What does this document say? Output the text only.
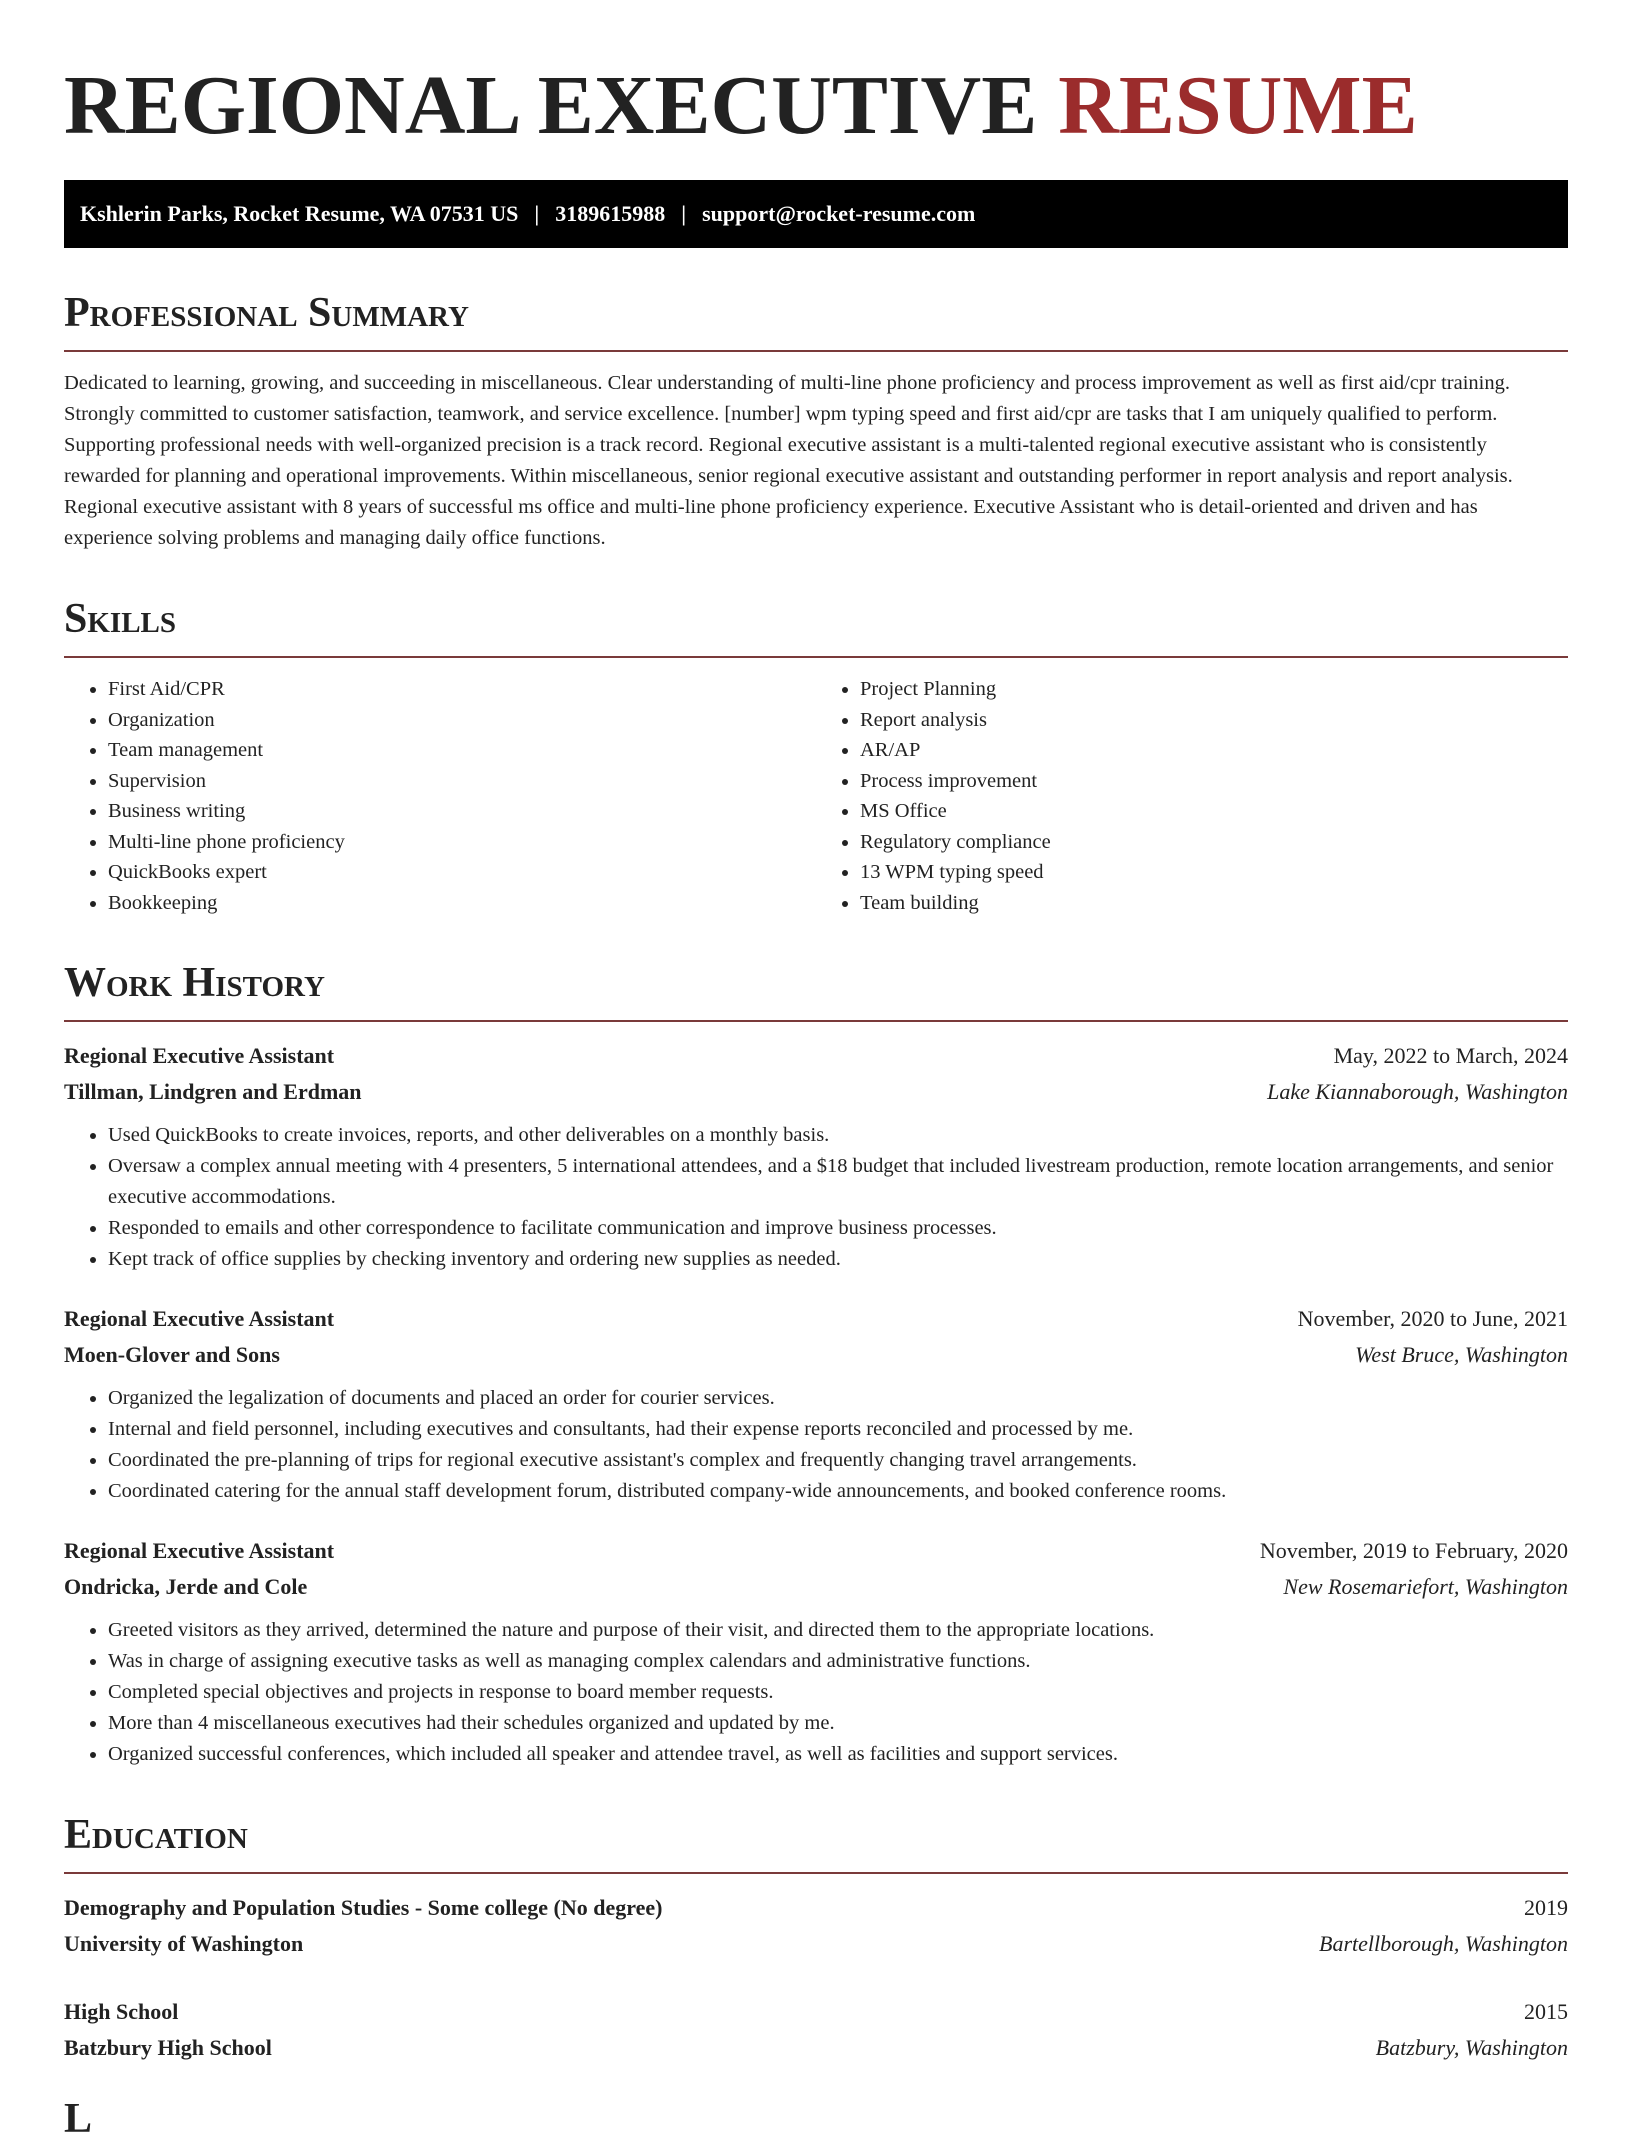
REGIONAL EXECUTIVE RESUME
Kshlerin Parks, Rocket Resume, WA 07531 US | 3189615988 | support@rocket-resume.com
Professional Summary

Dedicated to learning, growing, and succeeding in miscellaneous. Clear understanding of multi-line phone proficiency and process improvement as well as first aid/cpr training. Strongly committed to customer satisfaction, teamwork, and service excellence. [number] wpm typing speed and first aid/cpr are tasks that I am uniquely qualified to perform. Supporting professional needs with well-organized precision is a track record. Regional executive assistant is a multi-talented regional executive assistant who is consistently rewarded for planning and operational improvements. Within miscellaneous, senior regional executive assistant and outstanding performer in report analysis and report analysis. Regional executive assistant with 8 years of successful ms office and multi-line phone proficiency experience. Executive Assistant who is detail-oriented and driven and has experience solving problems and managing daily office functions.

Skills
• First Aid/CPR
• Organization
• Team management
• Supervision
• Business writing
• Multi-line phone proficiency
• QuickBooks expert
• Bookkeeping
• Project Planning
• Report analysis
• AR/AP
• Process improvement
• MS Office
• Regulatory compliance
• 13 WPM typing speed
• Team building
Work History
Regional Executive Assistant	May, 2022 to March, 2024
Tillman, Lindgren and Erdman	Lake Kiannaborough, Washington
• Used QuickBooks to create invoices, reports, and other deliverables on a monthly basis.
• Oversaw a complex annual meeting with 4 presenters, 5 international attendees, and a $18 budget that included livestream production, remote location arrangements, and senior executive accommodations.
• Responded to emails and other correspondence to facilitate communication and improve business processes.
• Kept track of office supplies by checking inventory and ordering new supplies as needed.
Regional Executive Assistant	November, 2020 to June, 2021
Moen-Glover and Sons	West Bruce, Washington
• Organized the legalization of documents and placed an order for courier services.
• Internal and field personnel, including executives and consultants, had their expense reports reconciled and processed by me.
• Coordinated the pre-planning of trips for regional executive assistant's complex and frequently changing travel arrangements.
• Coordinated catering for the annual staff development forum, distributed company-wide announcements, and booked conference rooms.
Regional Executive Assistant	November, 2019 to February, 2020
Ondricka, Jerde and Cole	New Rosemariefort, Washington
• Greeted visitors as they arrived, determined the nature and purpose of their visit, and directed them to the appropriate locations.
• Was in charge of assigning executive tasks as well as managing complex calendars and administrative functions.
• Completed special objectives and projects in response to board member requests.
• More than 4 miscellaneous executives had their schedules organized and updated by me.
• Organized successful conferences, which included all speaker and attendee travel, as well as facilities and support services.
Education
Demography and Population Studies - Some college (No degree)	2019
University of Washington	Bartellborough, Washington
High School	2015
Batzbury High School	Batzbury, Washington
L
